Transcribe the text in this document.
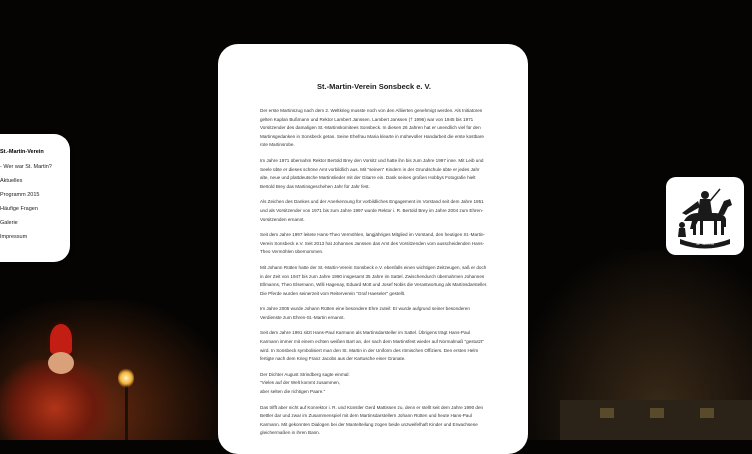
St.-Martin-Verein
- Wer war St. Martin?
Aktuelles
Programm 2015
Häufige Fragen
Galerie
Impressum
St.-Martin-Verein Sonsbeck e. V.

Der erste Martinszug nach dem 2. Weltkrieg musste noch von den Alliierten genehmigt werden. Als Initiatoren gelten Kaplan Bußmann und Rektor Lambert Janssen. Lambert Janssen († 1996) war von 1945 bis 1971 Vorsitzender des damaligen St.-Martinskomitees Sonsbeck. In diesen 26 Jahren hat er unendlich viel für den Martinsgedanken in Sonsbeck getan. Seine Ehefrau Maria klearte in mühevoller Handarbeit die erste kostbare rote Martinsrobe.

Im Jahre 1971 übernahm Rektor Bertold Brey den Vorsitz und hatte ihn bis zum Jahre 1997 inne. Mit Leib und Seele übte er dieses schöne Amt vorbildlich aus. Mit "seinen" Kindern in der Grundschule übte er jedes Jahr alte, neue und plattdeutsche Martinslieder mit der Gitarre ein. Dank seines großen Hobbys Fotografie hielt Bertold Brey das Martinsgeschehen Jahr für Jahr fest.

Als Zeichen des Dankes und der Anerkennung für vorbildliches Engagement im Vorstand seit dem Jahre 1951 und als Vorsitzender von 1971 bis zum Jahre 1997 wurde Rektor i. R. Bertold Brey im Jahre 2004 zum Ehren-Vorsitzenden ernannt.

Seit dem Jahre 1997 leitete Hans-Theo Vermöhlen, langjähriges Mitglied im Vorstand, den heutigen St.-Martin-Verein Sonsbeck e.V. Seit 2013 hat Johannes Janssen das Amt des Vorsitzenden vom ausscheidenden Hans-Theo Vermöhlen übernommen.

Mit Johann Rütten hatte der St.-Martin-Verein Sonsbeck e.V. ebenfalls einen wichtigen Zeitzeugen, saß er doch in der Zeit von 1947 bis zum Jahre 1990 insgesamt 35 Jahre im Sattel. Zwischendurch übernahmen Johannes Ellmanns, Theo Elsemann, Willi Hagenay, Eduard Mott und Josef Nobis die Verantwortung als Martinsdarsteller. Die Pferde wurden seinerzeit vom Reiterverein "Graf Haeseler" gestellt.

Im Jahre 2005 wurde Johann Rütten eine besondere Ehre zuteil: Er wurde aufgrund seiner besonderen Verdienste zum Ehren-St.-Martin ernannt.

Seit dem Jahre 1991 sitzt Hans-Paul Karmann als Martinsdarsteller im Sattel. Übrigens trägt Hans-Paul Karmann immer mit einem echten weißen Bart an, der nach dem Martinsfest wieder auf Normalmaß "gestutzt" wird. In Sonsbeck symbolisiert man den St. Martin in der Uniform des römischen Offiziers. Den ersten Helm fertigte nach dem Krieg Franz Jacobs aus der Kartusche einer Granate.

Der Dichter August Strindberg sagte einmal:
"Vieles auf der Welt kommt zusammen,
aber selten die richtigen Paare."

Das trifft aber nicht auf Konrektor i. R. und Künstler Gerd Mattissen zu, denn er stellt seit dem Jahre 1990 den Bettler dar und zwar im Zusammenspiel mit dem Martinsdarstellern Johann Rütten und heute Hans-Paul Karmann. Mit gekonnten Dialogen bei der Mantelteilung zogen beide unzweifelhaft Kinder und Erwachsene gleichermaßen in ihren Bann.

St. Martin
